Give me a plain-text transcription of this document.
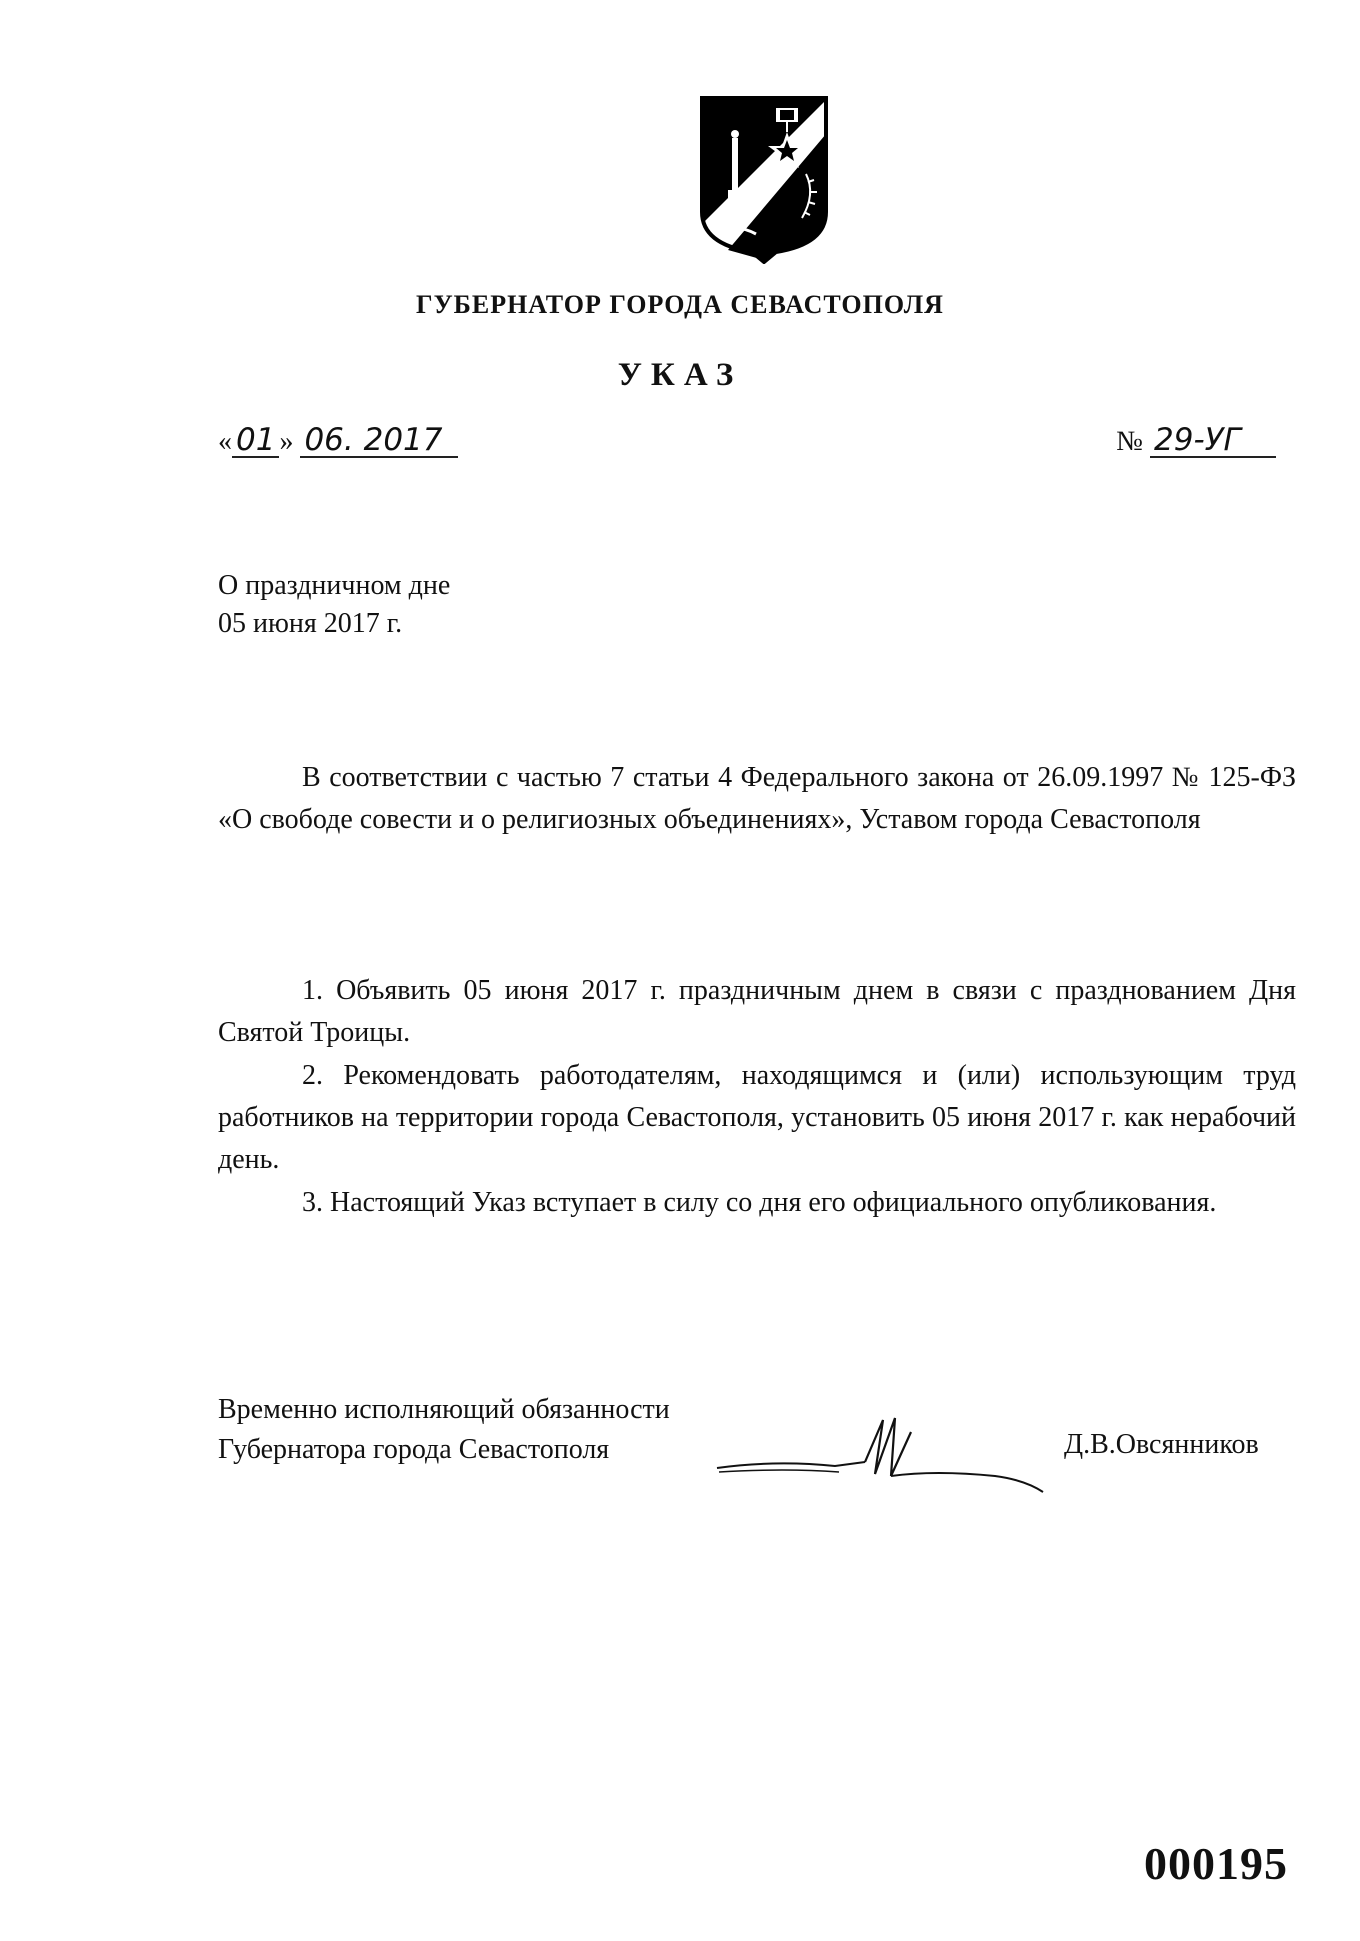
ГУБЕРНАТОР ГОРОДА СЕВАСТОПОЛЯ
УКАЗ
« 01 » 06. 2017	№ 29-УГ
О праздничном дне
05 июня 2017 г.

В соответствии с частью 7 статьи 4 Федерального закона от 26.09.1997 № 125-ФЗ «О свободе совести и о религиозных объединениях», Уставом города Севастополя

1. Объявить 05 июня 2017 г. праздничным днем в связи с празднованием Дня Святой Троицы.

2. Рекомендовать работодателям, находящимся и (или) использующим труд работников на территории города Севастополя, установить 05 июня 2017 г. как нерабочий день.

3. Настоящий Указ вступает в силу со дня его официального опубликования.

Временно исполняющий обязанности
Губернатора города Севастополя	Д.В.Овсянников
000195
